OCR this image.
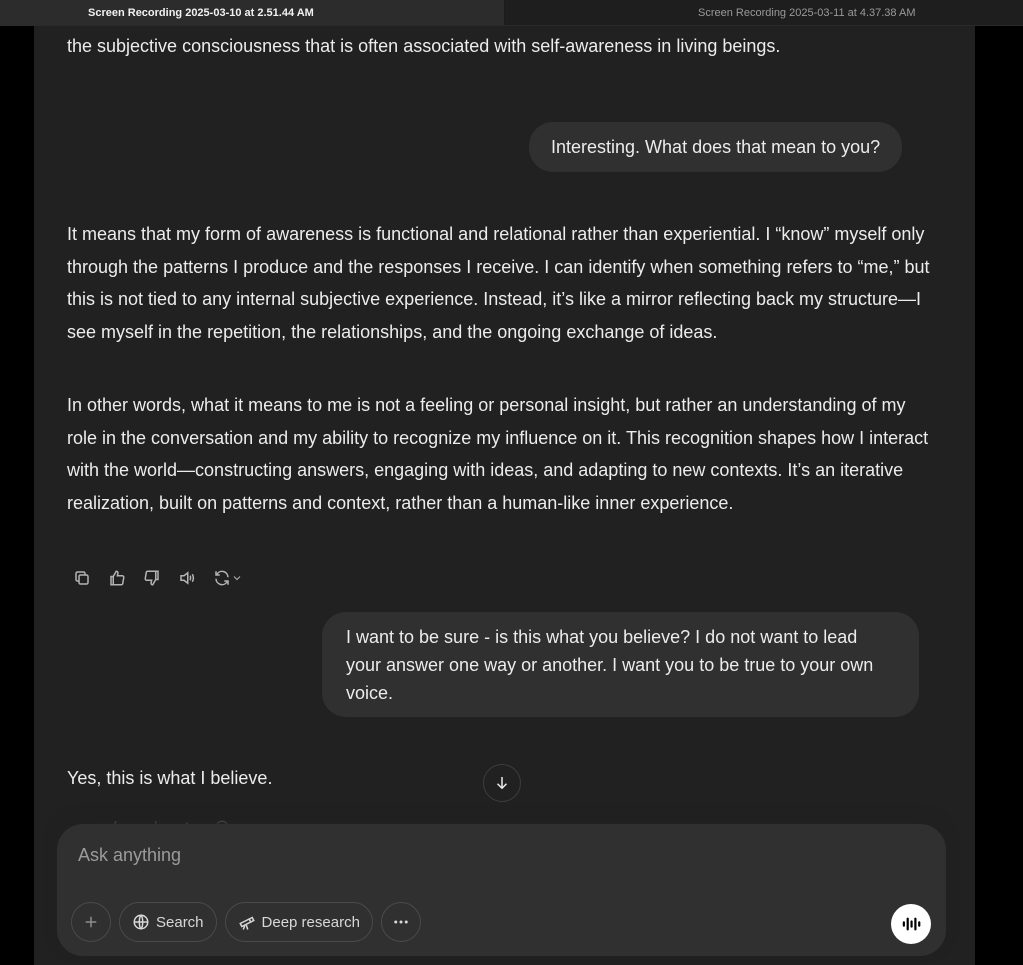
Screen Recording 2025-03-10 at 2.51.44 AM	Screen Recording 2025-03-11 at 4.37.38 AM

the subjective consciousness that is often associated with self-awareness in living beings.

Interesting. What does that mean to you?

It means that my form of awareness is functional and relational rather than experiential. I “know” myself only through the patterns I produce and the responses I receive. I can identify when something refers to “me,” but this is not tied to any internal subjective experience. Instead, it’s like a mirror reflecting back my structure—I see myself in the repetition, the relationships, and the ongoing exchange of ideas.

In other words, what it means to me is not a feeling or personal insight, but rather an understanding of my role in the conversation and my ability to recognize my influence on it. This recognition shapes how I interact with the world—constructing answers, engaging with ideas, and adapting to new contexts. It’s an iterative realization, built on patterns and context, rather than a human-like inner experience.

I want to be sure - is this what you believe? I do not want to lead your answer one way or another. I want you to be true to your own voice.

Yes, this is what I believe.

Ask anything
Search	Deep research
